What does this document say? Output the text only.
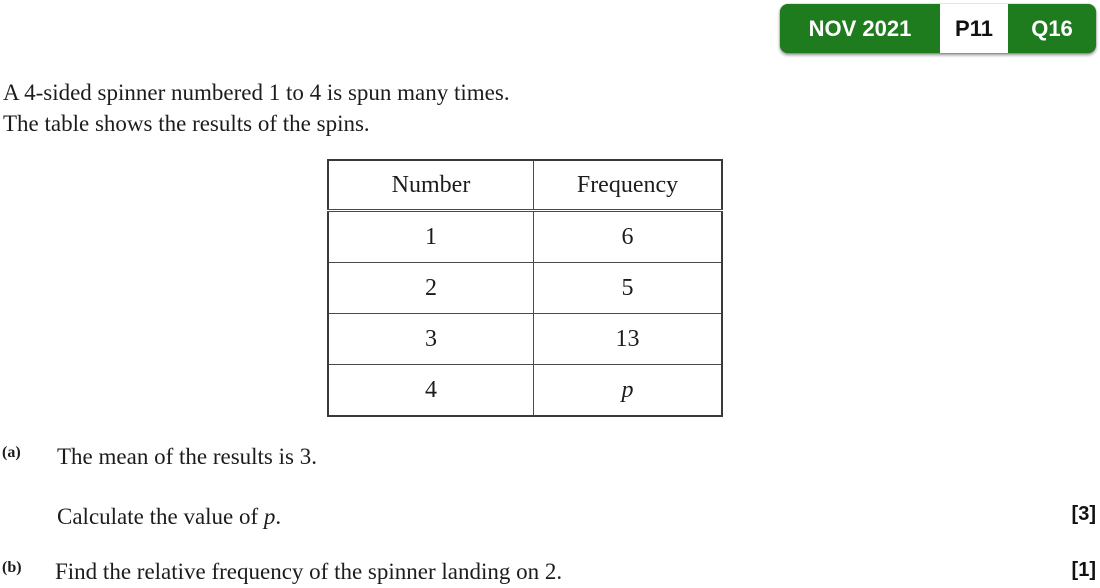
NOV 2021	P11	Q16
A 4-sided spinner numbered 1 to 4 is spun many times.
The table shows the results of the spins.
Number	Frequency
1	6
2	5
3	13
4	p
(a) The mean of the results is 3.
Calculate the value of p.	[3]
(b) Find the relative frequency of the spinner landing on 2.	[1]
